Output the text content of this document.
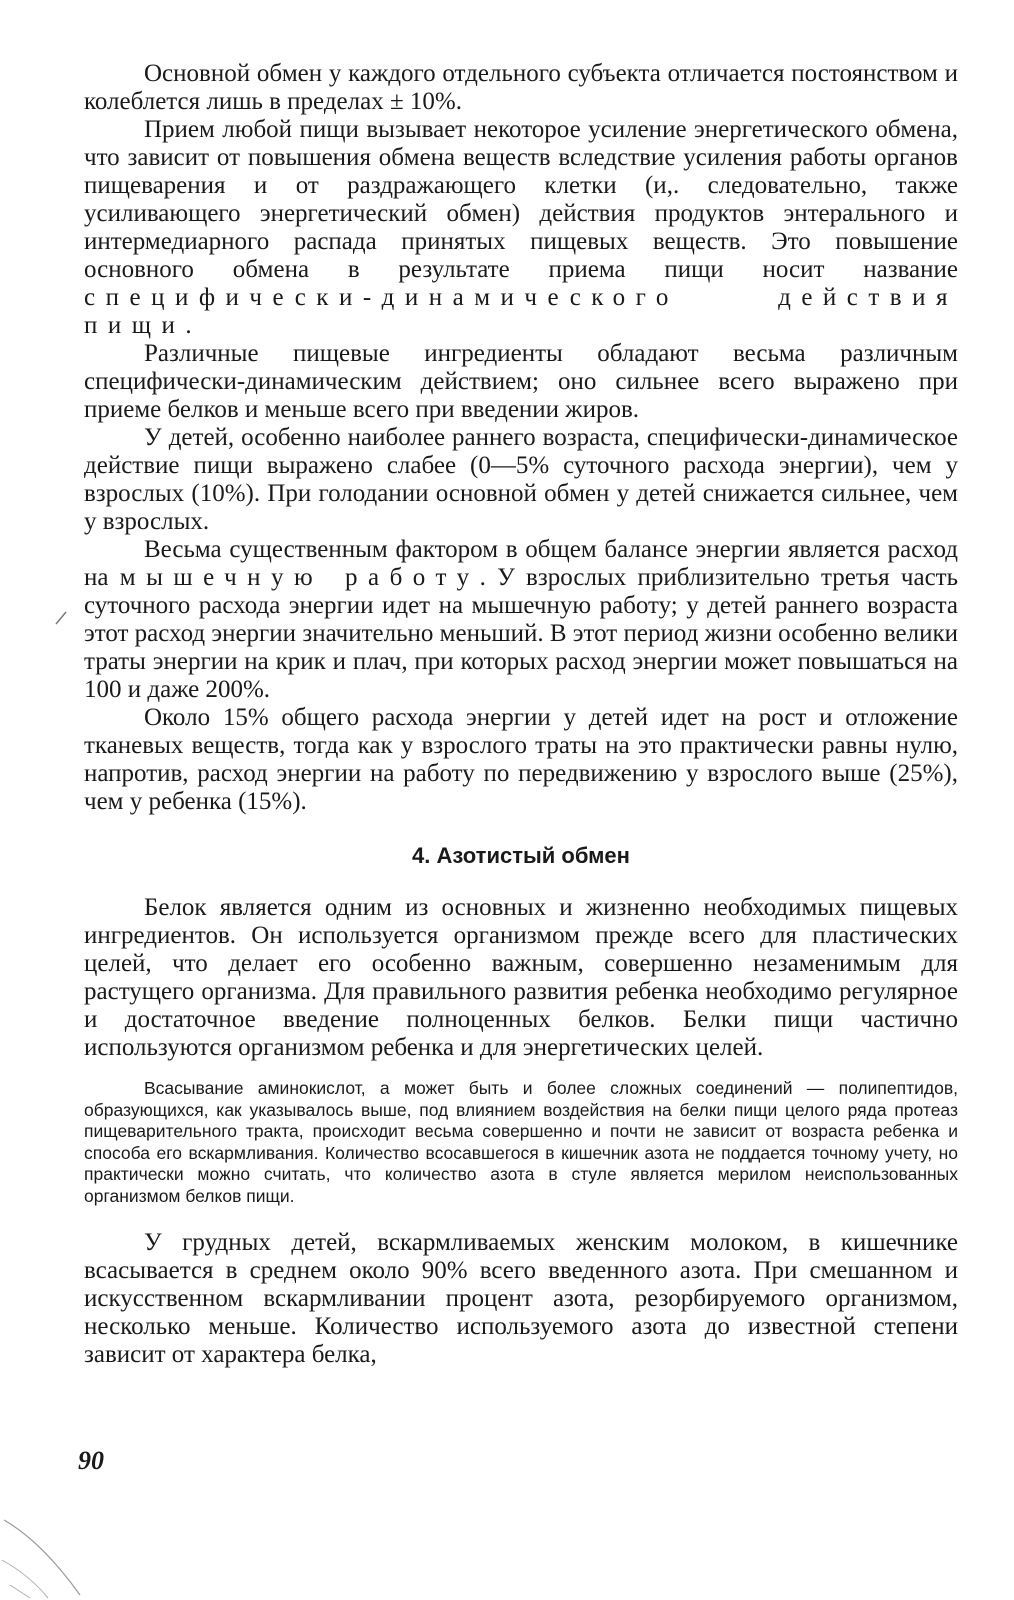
Основной обмен у каждого отдельного субъекта отличается постоянством и колеблется лишь в пределах ± 10%.

Прием любой пищи вызывает некоторое усиление энергетического обмена, что зависит от повышения обмена веществ вследствие усиления работы органов пищеварения и от раздражающего клетки (и,. следовательно, также усиливающего энергетический обмен) действия продуктов энтерального и интермедиарного распада принятых пищевых веществ. Это повышение основного обмена в результате приема пищи носит название специфически-динамического действия пищи.

Различные пищевые ингредиенты обладают весьма различным специфически-динамическим действием; оно сильнее всего выражено при приеме белков и меньше всего при введении жиров.

У детей, особенно наиболее раннего возраста, специфически-динамическое действие пищи выражено слабее (0—5% суточного расхода энергии), чем у взрослых (10%). При голодании основной обмен у детей снижается сильнее, чем у взрослых.

Весьма существенным фактором в общем балансе энергии является расход на мышечную работу. У взрослых приблизительно третья часть суточного расхода энергии идет на мышечную работу; у детей раннего возраста этот расход энергии значительно меньший. В этот период жизни особенно велики траты энергии на крик и плач, при которых расход энергии может повышаться на 100 и даже 200%.

Около 15% общего расхода энергии у детей идет на рост и отложение тканевых веществ, тогда как у взрослого траты на это практически равны нулю, напротив, расход энергии на работу по передвижению у взрослого выше (25%), чем у ребенка (15%).

4. Азотистый обмен

Белок является одним из основных и жизненно необходимых пищевых ингредиентов. Он используется организмом прежде всего для пластических целей, что делает его особенно важным, совершенно незаменимым для растущего организма. Для правильного развития ребенка необходимо регулярное и достаточное введение полноценных белков. Белки пищи частично используются организмом ребенка и для энергетических целей.

Всасывание аминокислот, а может быть и более сложных соединений — полипептидов, образующихся, как указывалось выше, под влиянием воздействия на белки пищи целого ряда протеаз пищеварительного тракта, происходит весьма совершенно и почти не зависит от возраста ребенка и способа его вскармливания. Количество всосавшегося в кишечник азота не поддается точному учету, но практически можно считать, что количество азота в стуле является мерилом неиспользованных организмом белков пищи.

У грудных детей, вскармливаемых женским молоком, в кишечнике всасывается в среднем около 90% всего введенного азота. При смешанном и искусственном вскармливании процент азота, резорбируемого организмом, несколько меньше. Количество используемого азота до известной степени зависит от характера белка,

90
